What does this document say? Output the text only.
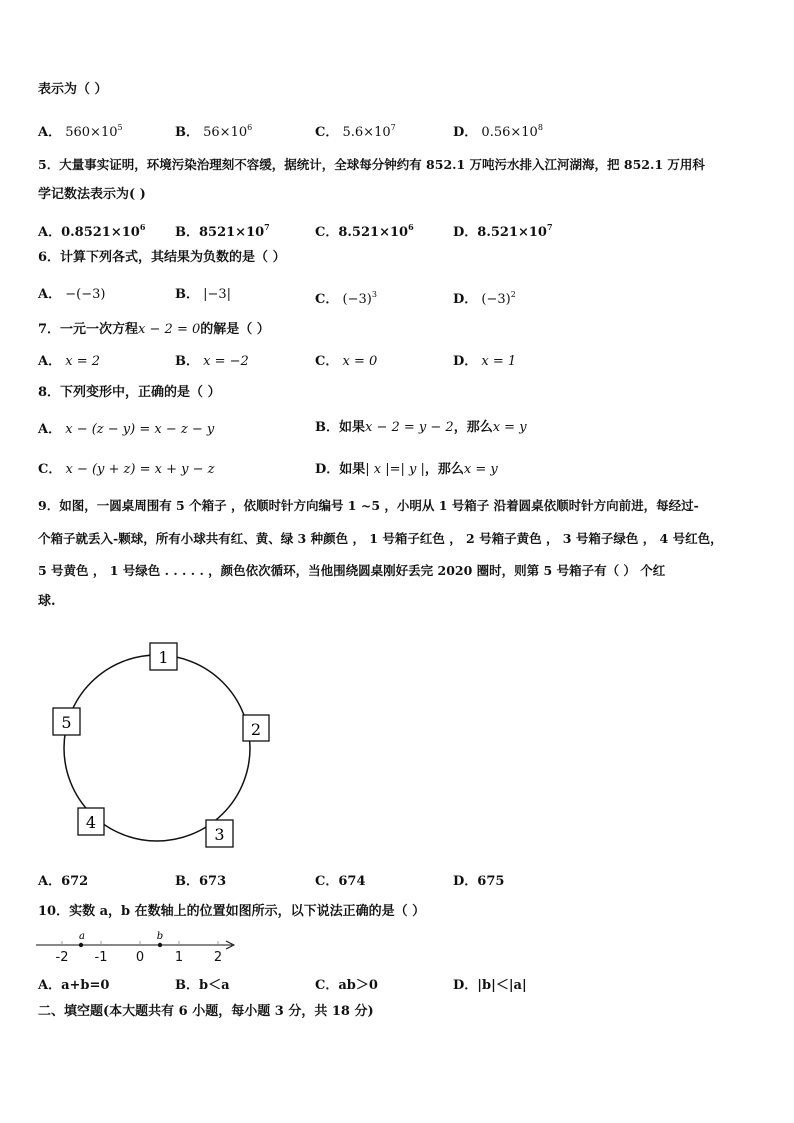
表示为（ ）
A． $560\times 10^5$	B． $56\times 10^6$	C． $5.6\times 10^7$	D． $0.56\times 10^8$
5．大量事实证明，环境污染治理刻不容缓，据统计，全球每分钟约有 852.1 万吨污水排入江河湖海，把 852.1 万用科
学记数法表示为( )
A．$0.8521\times 10^6$ B．$8521\times 10^7$	C．$8.521\times 10^6$	D．$8.521\times 10^7$
6．计算下列各式，其结果为负数的是（ ）
A． −(−3)	B． |−3|	C． $(-3)^3$	D． $(-3)^2$
7．一元一次方程x − 2 = 0的解是（ ）
A． x = 2	B． x = −2	C． x = 0	D． x = 1
8．下列变形中，正确的是（ ）
A． x − (z − y) = x − z − y	B．如果x − 2 = y − 2，那么x = y
C． x − (y + z) = x + y − z	D．如果| x |=| y |，那么x = y
9．如图，一圆桌周围有 5 个箱子 ，依顺时针方向编号 1 ~5 ，小明从 1 号箱子 沿着圆桌依顺时针方向前进，每经过-
个箱子就丢入-颗球，所有小球共有红、黄、绿 3 种颜色 ， 1 号箱子红色 ， 2 号箱子黄色 ， 3 号箱子绿色 ， 4 号红色，
5 号黄色 ， 1 号绿色 . . . . . ，颜色依次循环，当他围绕圆桌刚好丢完 2020 圈时，则第 5 号箱子有（ ） 个红
球.
1
2
3
4
5
A．672	B．673	C．674	D．675
10．实数 a，b 在数轴上的位置如图所示，以下说法正确的是（ ）
a	b
-2 -1 0 1 2
A．a+b=0	B．b＜a	C．ab＞0	D．|b|＜|a|
二、填空题(本大题共有 6 小题，每小题 3 分，共 18 分)
